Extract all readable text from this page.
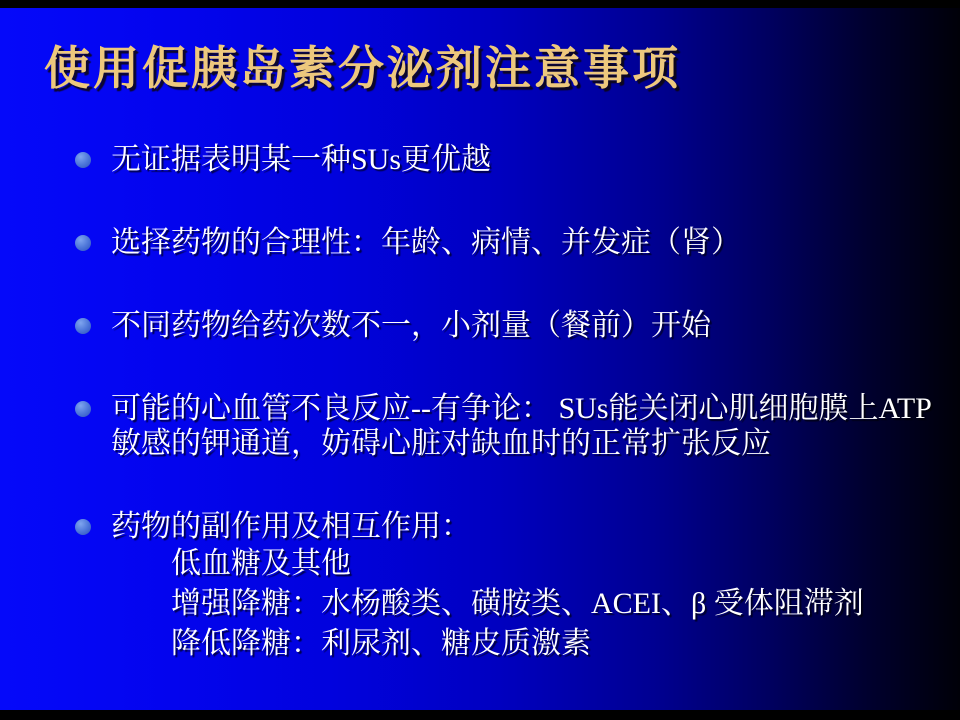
使用促胰岛素分泌剂注意事项
无证据表明某一种SUs更优越
选择药物的合理性：年龄、病情、并发症（肾）
不同药物给药次数不一，小剂量（餐前）开始
可能的心血管不良反应--有争论： SUs能关闭心肌细胞膜上ATP敏感的钾通道，妨碍心脏对缺血时的正常扩张反应
药物的副作用及相互作用：
低血糖及其他
增强降糖：水杨酸类、磺胺类、ACEI、β 受体阻滞剂
降低降糖：利尿剂、糖皮质激素
